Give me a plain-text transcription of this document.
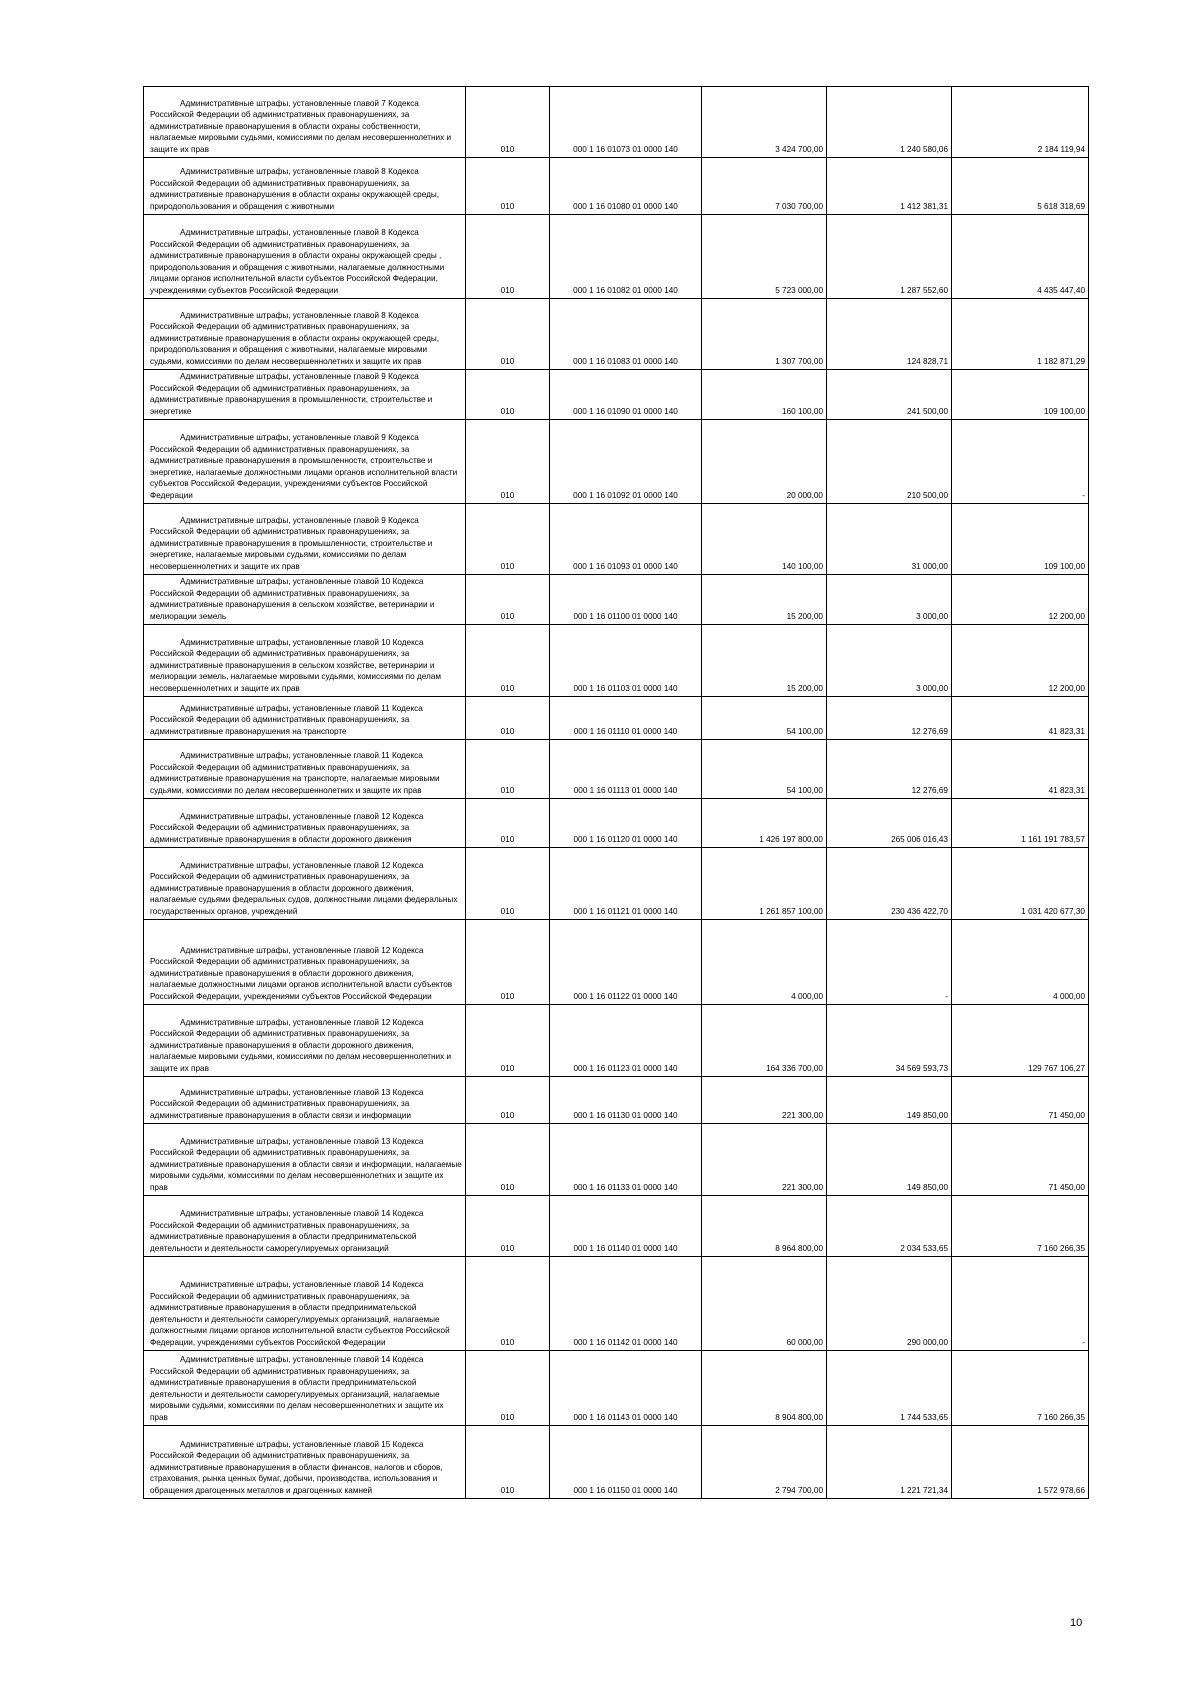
Административные штрафы, установленные главой 7 Кодекса Российской Федерации об административных правонарушениях, за административные правонарушения в области охраны собственности, налагаемые мировыми судьями, комиссиями по делам несовершеннолетних и защите их прав	010	000 1 16 01073 01 0000 140	3 424 700,00	1 240 580,06	2 184 119,94

Административные штрафы, установленные главой 8 Кодекса Российской Федерации об административных правонарушениях, за административные правонарушения в области охраны окружающей среды, природопользования и обращения с животными	010	000 1 16 01080 01 0000 140	7 030 700,00	1 412 381,31	5 618 318,69

Административные штрафы, установленные главой 8 Кодекса Российской Федерации об административных правонарушениях, за административные правонарушения в области охраны окружающей среды , природопользования и обращения с животными, налагаемые должностными лицами органов исполнительной власти субъектов Российской Федерации, учреждениями субъектов Российской Федерации	010	000 1 16 01082 01 0000 140	5 723 000,00	1 287 552,60	4 435 447,40

Административные штрафы, установленные главой 8 Кодекса Российской Федерации об административных правонарушениях, за административные правонарушения в области охраны окружающей среды, природопользования и обращения с животными, налагаемые мировыми судьями, комиссиями по делам несовершеннолетних и защите их прав	010	000 1 16 01083 01 0000 140	1 307 700,00	124 828,71	1 182 871,29

Административные штрафы, установленные главой 9 Кодекса Российской Федерации об административных правонарушениях, за административные правонарушения в промышленности, строительстве и энергетике	010	000 1 16 01090 01 0000 140	160 100,00	241 500,00	109 100,00

Административные штрафы, установленные главой 9 Кодекса Российской Федерации об административных правонарушениях, за административные правонарушения в промышленности, строительстве и энергетике, налагаемые должностными лицами органов исполнительной власти субъектов Российской Федерации, учреждениями субъектов Российской Федерации	010	000 1 16 01092 01 0000 140	20 000,00	210 500,00	-

Административные штрафы, установленные главой 9 Кодекса Российской Федерации об административных правонарушениях, за административные правонарушения в промышленности, строительстве и энергетике, налагаемые мировыми судьями, комиссиями по делам несовершеннолетних и защите их прав	010	000 1 16 01093 01 0000 140	140 100,00	31 000,00	109 100,00

Административные штрафы, установленные главой 10 Кодекса Российской Федерации об административных правонарушениях, за административные правонарушения в сельском хозяйстве, ветеринарии и мелиорации земель	010	000 1 16 01100 01 0000 140	15 200,00	3 000,00	12 200,00

Административные штрафы, установленные главой 10 Кодекса Российской Федерации об административных правонарушениях, за административные правонарушения в сельском хозяйстве, ветеринарии и мелиорации земель, налагаемые мировыми судьями, комиссиями по делам несовершеннолетних и защите их прав	010	000 1 16 01103 01 0000 140	15 200,00	3 000,00	12 200,00

Административные штрафы, установленные главой 11 Кодекса Российской Федерации об административных правонарушениях, за административные правонарушения на транспорте	010	000 1 16 01110 01 0000 140	54 100,00	12 276,69	41 823,31

Административные штрафы, установленные главой 11 Кодекса Российской Федерации об административных правонарушениях, за административные правонарушения на транспорте, налагаемые мировыми судьями, комиссиями по делам несовершеннолетних и защите их прав	010	000 1 16 01113 01 0000 140	54 100,00	12 276,69	41 823,31

Административные штрафы, установленные главой 12 Кодекса Российской Федерации об административных правонарушениях, за административные правонарушения в области дорожного движения	010	000 1 16 01120 01 0000 140	1 426 197 800,00	265 006 016,43	1 161 191 783,57

Административные штрафы, установленные главой 12 Кодекса Российской Федерации об административных правонарушениях, за административные правонарушения в области дорожного движения, налагаемые судьями федеральных судов, должностными лицами федеральных государственных органов, учреждений	010	000 1 16 01121 01 0000 140	1 261 857 100,00	230 436 422,70	1 031 420 677,30

Административные штрафы, установленные главой 12 Кодекса Российской Федерации об административных правонарушениях, за административные правонарушения в области дорожного движения, налагаемые должностными лицами органов исполнительной власти субъектов Российской Федерации, учреждениями субъектов Российской Федерации	010	000 1 16 01122 01 0000 140	4 000,00	-	4 000,00

Административные штрафы, установленные главой 12 Кодекса Российской Федерации об административных правонарушениях, за административные правонарушения в области дорожного движения, налагаемые мировыми судьями, комиссиями по делам несовершеннолетних и защите их прав	010	000 1 16 01123 01 0000 140	164 336 700,00	34 569 593,73	129 767 106,27

Административные штрафы, установленные главой 13 Кодекса Российской Федерации об административных правонарушениях, за административные правонарушения в области связи и информации	010	000 1 16 01130 01 0000 140	221 300,00	149 850,00	71 450,00

Административные штрафы, установленные главой 13 Кодекса Российской Федерации об административных правонарушениях, за административные правонарушения в области связи и информации, налагаемые мировыми судьями, комиссиями по делам несовершеннолетних и защите их прав	010	000 1 16 01133 01 0000 140	221 300,00	149 850,00	71 450,00

Административные штрафы, установленные главой 14 Кодекса Российской Федерации об административных правонарушениях, за административные правонарушения в области предпринимательской деятельности и деятельности саморегулируемых организаций	010	000 1 16 01140 01 0000 140	8 964 800,00	2 034 533,65	7 160 266,35

Административные штрафы, установленные главой 14 Кодекса Российской Федерации об административных правонарушениях, за административные правонарушения в области предпринимательской деятельности и деятельности саморегулируемых организаций, налагаемые должностными лицами органов исполнительной власти субъектов Российской Федерации, учреждениями субъектов Российской Федерации	010	000 1 16 01142 01 0000 140	60 000,00	290 000,00	-

Административные штрафы, установленные главой 14 Кодекса Российской Федерации об административных правонарушениях, за административные правонарушения в области предпринимательской деятельности и деятельности саморегулируемых организаций, налагаемые мировыми судьями, комиссиями по делам несовершеннолетних и защите их прав	010	000 1 16 01143 01 0000 140	8 904 800,00	1 744 533,65	7 160 266,35

Административные штрафы, установленные главой 15 Кодекса Российской Федерации об административных правонарушениях, за административные правонарушения в области финансов, налогов и сборов, страхования, рынка ценных бумаг, добычи, производства, использования и обращения драгоценных металлов и драгоценных камней	010	000 1 16 01150 01 0000 140	2 794 700,00	1 221 721,34	1 572 978,66
10
